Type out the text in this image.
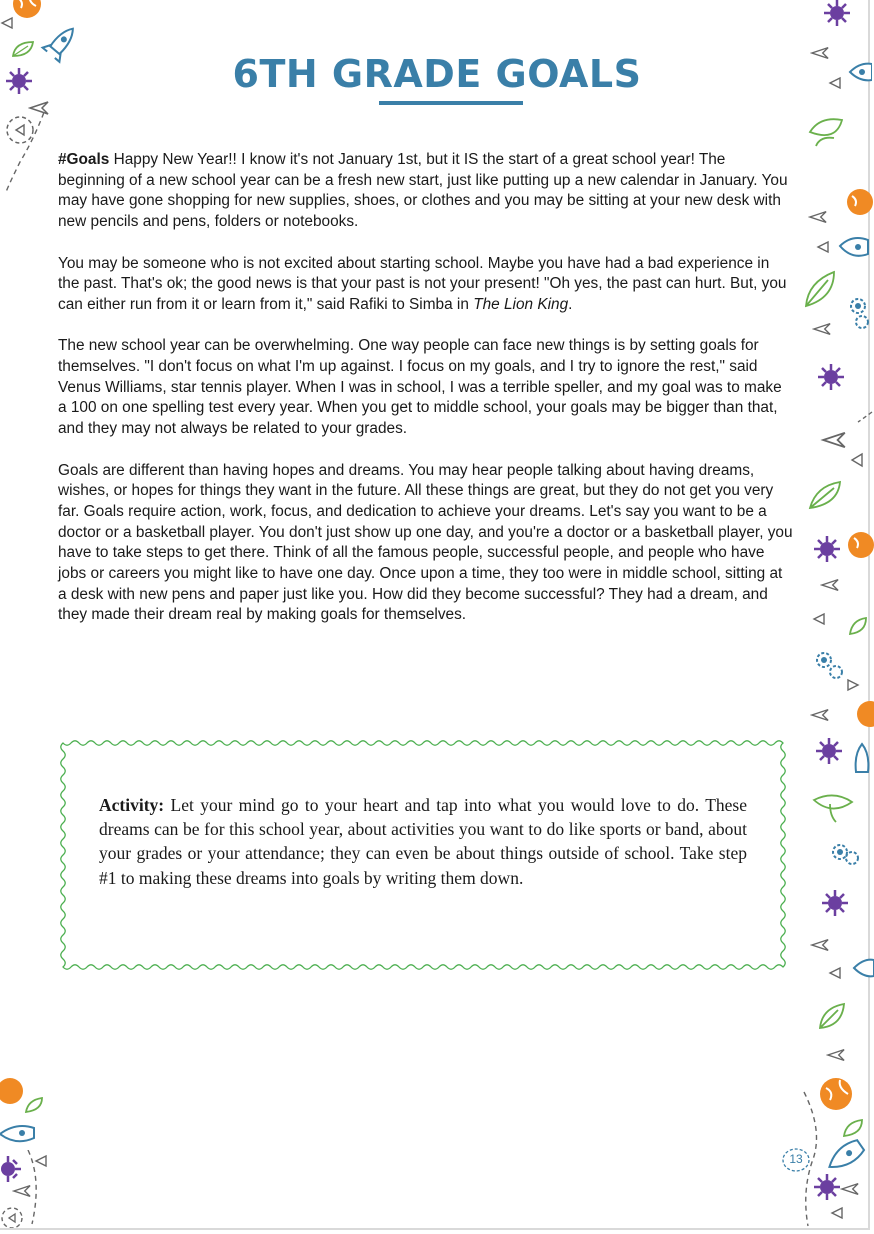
6TH GRADE GOALS

#Goals Happy New Year!! I know it's not January 1st, but it IS the start of a great school year! The beginning of a new school year can be a fresh new start, just like putting up a new calendar in January. You may have gone shopping for new supplies, shoes, or clothes and you may be sitting at your new desk with new pencils and pens, folders or notebooks.

You may be someone who is not excited about starting school. Maybe you have had a bad experience in the past. That's ok; the good news is that your past is not your present! "Oh yes, the past can hurt. But, you can either run from it or learn from it," said Rafiki to Simba in The Lion King.

The new school year can be overwhelming. One way people can face new things is by setting goals for themselves. "I don't focus on what I'm up against. I focus on my goals, and I try to ignore the rest," said Venus Williams, star tennis player. When I was in school, I was a terrible speller, and my goal was to make a 100 on one spelling test every year. When you get to middle school, your goals may be bigger than that, and they may not always be related to your grades.

Goals are different than having hopes and dreams. You may hear people talking about having dreams, wishes, or hopes for things they want in the future. All these things are great, but they do not get you very far. Goals require action, work, focus, and dedication to achieve your dreams. Let's say you want to be a doctor or a basketball player. You don't just show up one day, and you're a doctor or a basketball player, you have to take steps to get there. Think of all the famous people, successful people, and people who have jobs or careers you might like to have one day. Once upon a time, they too were in middle school, sitting at a desk with new pens and paper just like you. How did they become successful? They had a dream, and they made their dream real by making goals for themselves.

Activity: Let your mind go to your heart and tap into what you would love to do. These dreams can be for this school year, about activities you want to do like sports or band, about your grades or your attendance; they can even be about things outside of school. Take step #1 to making these dreams into goals by writing them down.
13
